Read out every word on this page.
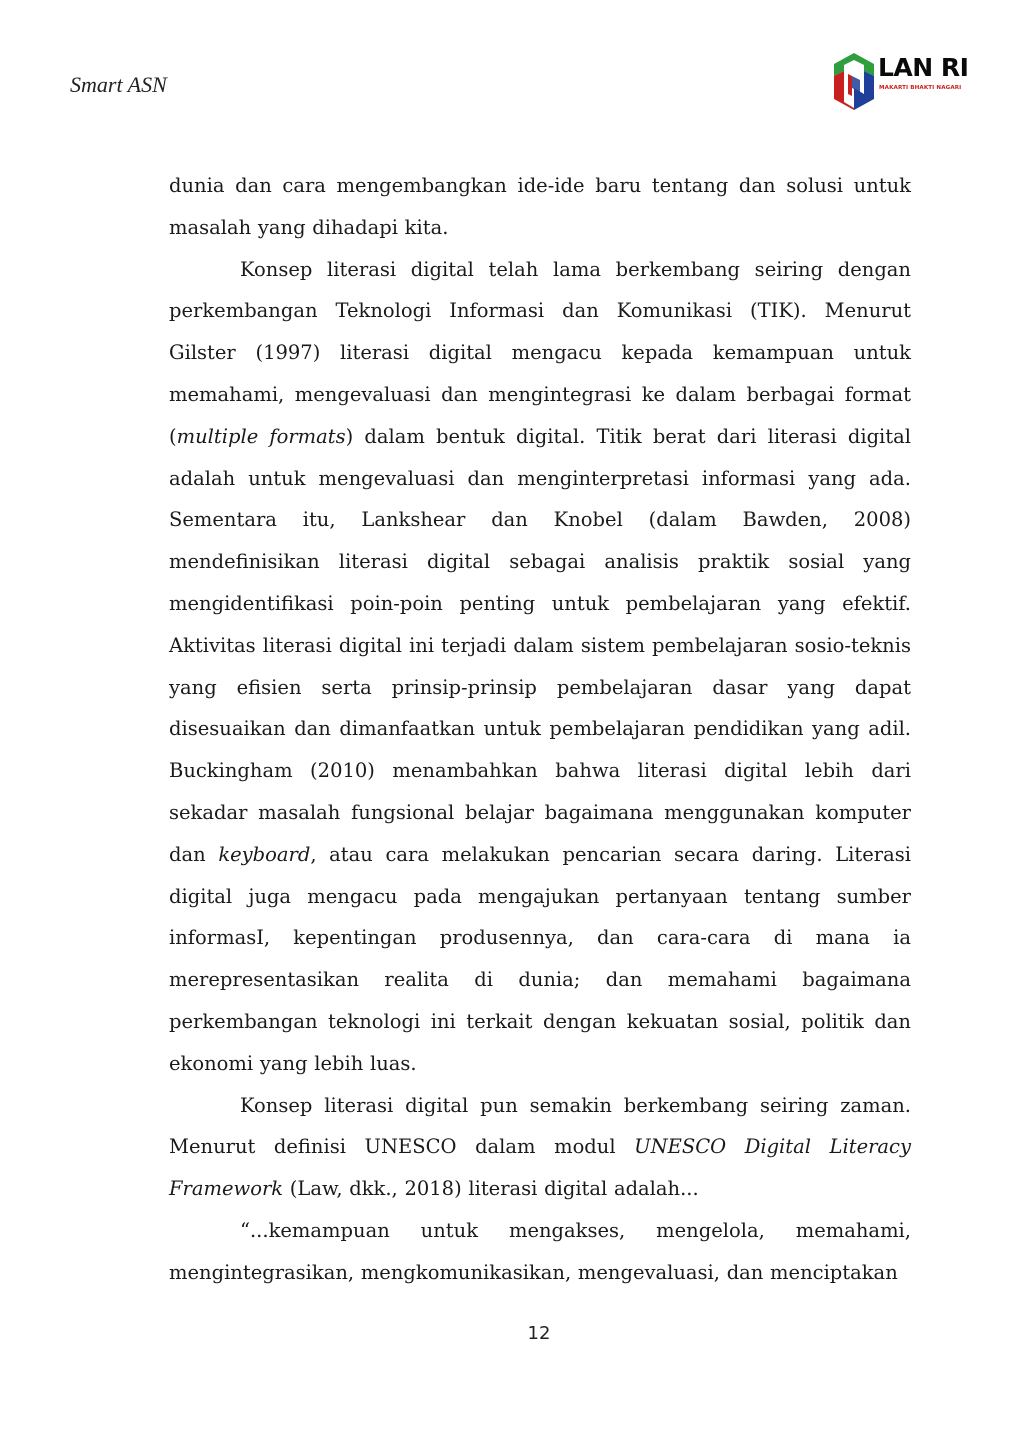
Smart ASN
LAN RI
MAKARTI BHAKTI NAGARI

dunia dan cara mengembangkan ide-ide baru tentang dan solusi untuk masalah yang dihadapi kita.

Konsep literasi digital telah lama berkembang seiring dengan perkembangan Teknologi Informasi dan Komunikasi (TIK). Menurut Gilster (1997) literasi digital mengacu kepada kemampuan untuk memahami, mengevaluasi dan mengintegrasi ke dalam berbagai format (multiple formats) dalam bentuk digital. Titik berat dari literasi digital adalah untuk mengevaluasi dan menginterpretasi informasi yang ada. Sementara itu, Lankshear dan Knobel (dalam Bawden, 2008) mendefinisikan literasi digital sebagai analisis praktik sosial yang mengidentifikasi poin-poin penting untuk pembelajaran yang efektif. Aktivitas literasi digital ini terjadi dalam sistem pembelajaran sosio-teknis yang efisien serta prinsip-prinsip pembelajaran dasar yang dapat disesuaikan dan dimanfaatkan untuk pembelajaran pendidikan yang adil. Buckingham (2010) menambahkan bahwa literasi digital lebih dari sekadar masalah fungsional belajar bagaimana menggunakan komputer dan keyboard, atau cara melakukan pencarian secara daring. Literasi digital juga mengacu pada mengajukan pertanyaan tentang sumber informasI, kepentingan produsennya, dan cara-cara di mana ia merepresentasikan realita di dunia; dan memahami bagaimana perkembangan teknologi ini terkait dengan kekuatan sosial, politik dan ekonomi yang lebih luas.

Konsep literasi digital pun semakin berkembang seiring zaman. Menurut definisi UNESCO dalam modul UNESCO Digital Literacy Framework (Law, dkk., 2018) literasi digital adalah...

“...kemampuan untuk mengakses, mengelola, memahami, mengintegrasikan, mengkomunikasikan, mengevaluasi, dan menciptakan

12
